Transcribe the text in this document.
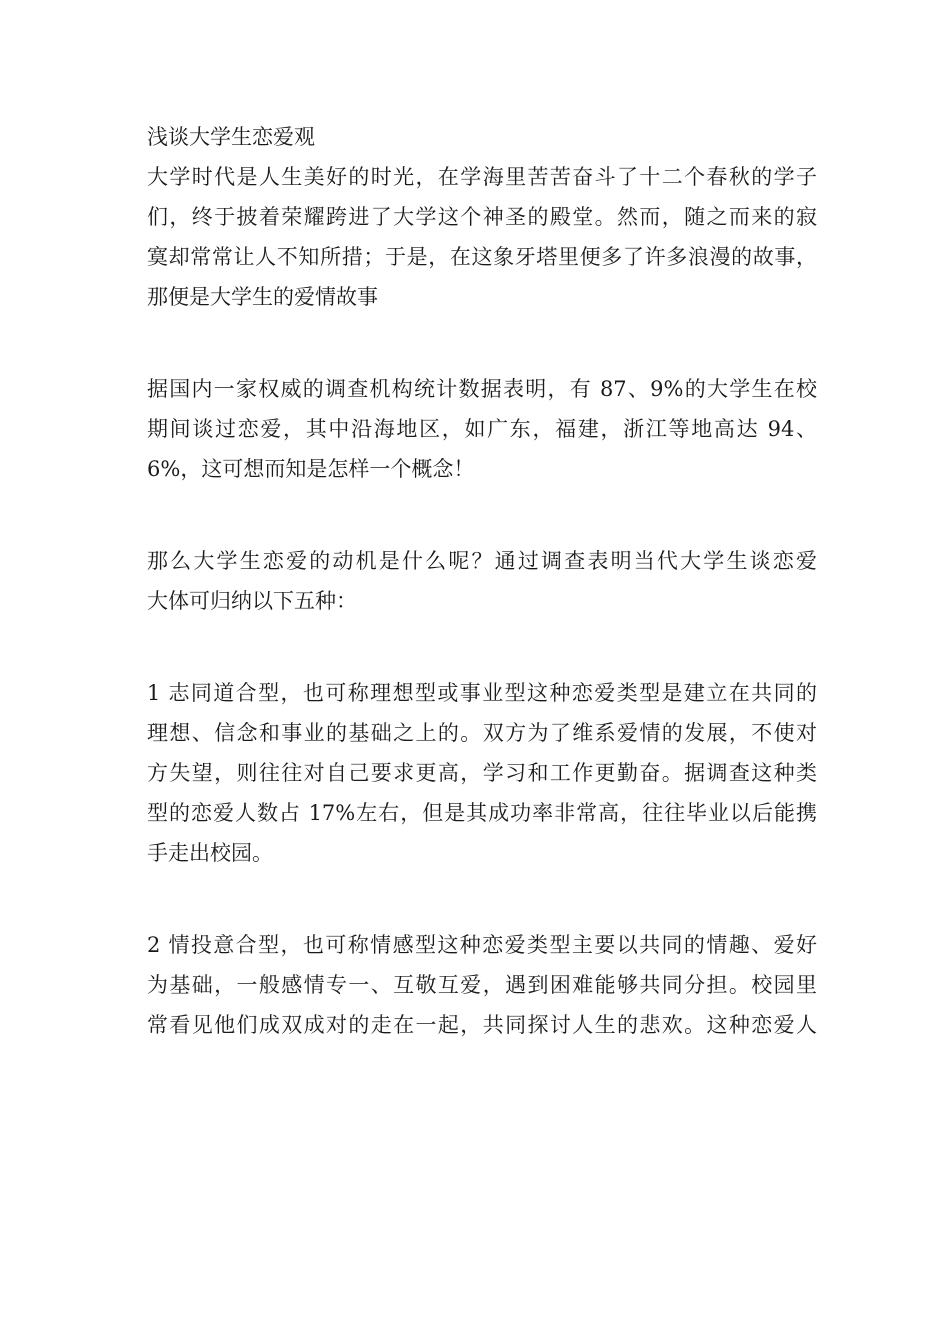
浅谈大学生恋爱观
大学时代是人生美好的时光，在学海里苦苦奋斗了十二个春秋的学子
们，终于披着荣耀跨进了大学这个神圣的殿堂。然而，随之而来的寂
寞却常常让人不知所措；于是，在这象牙塔里便多了许多浪漫的故事，
那便是大学生的爱情故事
据国内一家权威的调查机构统计数据表明，有 87、9%的大学生在校
期间谈过恋爱，其中沿海地区，如广东，福建，浙江等地高达 94、
6%，这可想而知是怎样一个概念！
那么大学生恋爱的动机是什么呢？通过调查表明当代大学生谈恋爱
大体可归纳以下五种：
1 志同道合型，也可称理想型或事业型这种恋爱类型是建立在共同的
理想、信念和事业的基础之上的。双方为了维系爱情的发展，不使对
方失望，则往往对自己要求更高，学习和工作更勤奋。据调查这种类
型的恋爱人数占 17%左右，但是其成功率非常高，往往毕业以后能携
手走出校园。
2 情投意合型，也可称情感型这种恋爱类型主要以共同的情趣、爱好
为基础，一般感情专一、互敬互爱，遇到困难能够共同分担。校园里
常看见他们成双成对的走在一起，共同探讨人生的悲欢。这种恋爱人
